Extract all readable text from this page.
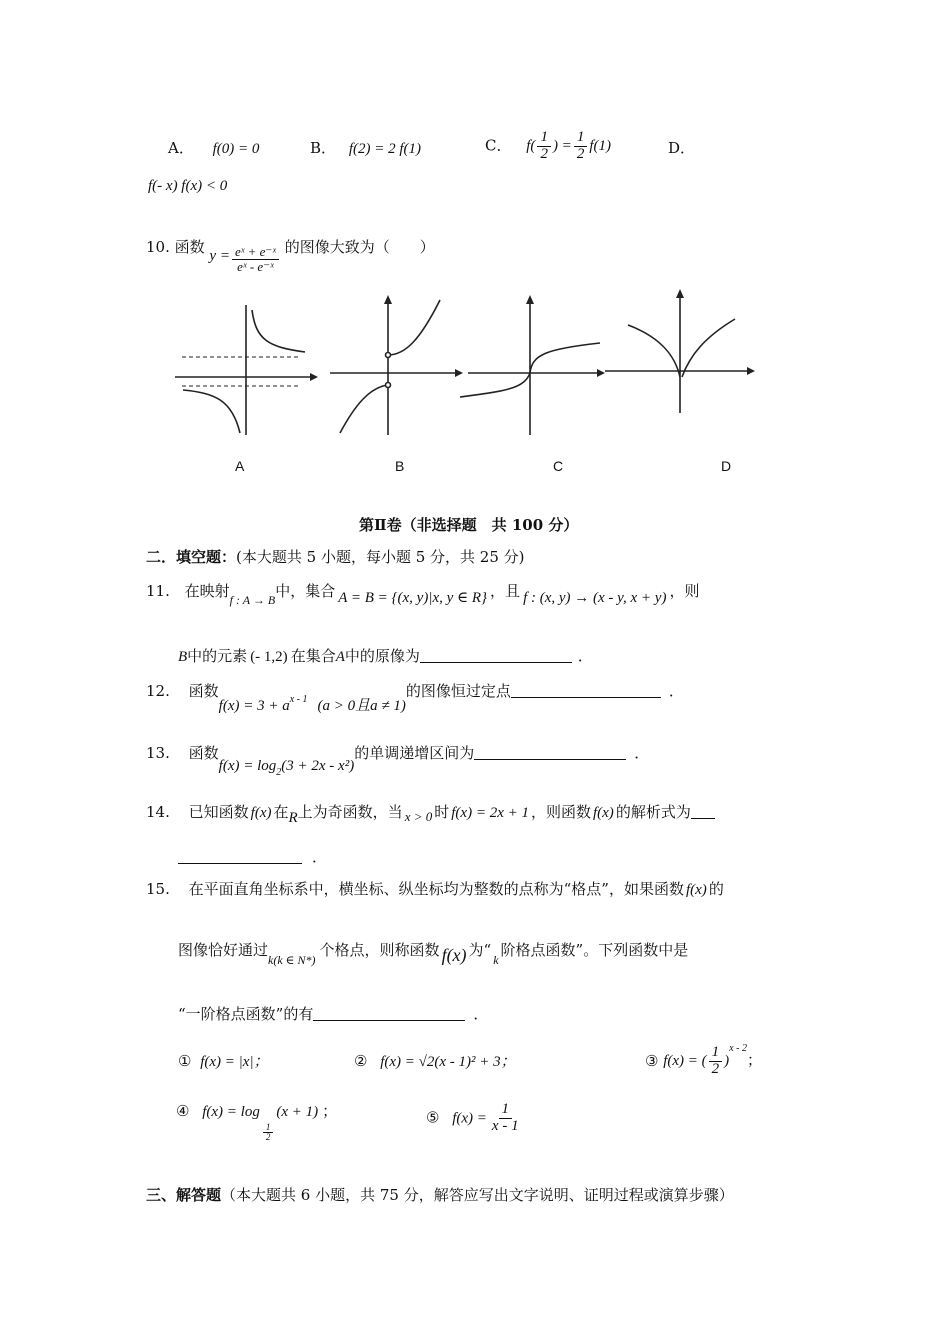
A． f(0) = 0	B． f(2) = 2 f(1)	C． $f( \frac{1}{2}$ ) = $\frac{1}{2} f(1)$	D．
f(- x) f(x) < 0
10. 函数 $y = \frac{\text{eˣ + e⁻ˣ}}{\text{eˣ - e⁻ˣ}}$ 的图像大致为（　　）
A	B	C	D
第Ⅱ卷（非选择题　共 100 分）
二．填空题：(本大题共 5 小题，每小题 5 分，共 25 分)
11. 在映射$_{f : A \to B}$中，集合 A = B = {(x, y)|x, y ∈ R} ，且 f : (x, y) → (x - y, x + y) ，则
B中的元素 (- 1,2) 在集合A中的原像为	．
12. 函数$f(x) = 3 + a^{x - 1}$ (a > 0且a ≠ 1)的图像恒过定点	．
13. 函数$f(x) = \log_2(3 + 2x - x^2)$的单调递增区间为	．
14. 已知函数 f(x) 在R上为奇函数，当 x > 0 时 f(x) = 2x + 1 ，则函数 f(x) 的解析式为
．
15. 在平面直角坐标系中，横坐标、纵坐标均为整数的点称为“格点”，如果函数 f(x) 的
图像恰好通过$_{k(k \in N*)}$个格点，则称函数 f(x) 为“$_k$阶格点函数”。下列函数中是
“一阶格点函数”的有	．
① f(x) = |x|；	② f(x) = √2(x - 1)² + 3；	③ f(x) = ( $\frac{1}{2} )^{x - 2}$；
④ f(x) = log
$\frac{1}{2}$
(x + 1) ；	⑤ $f(x) = \frac{1}{x - 1}$
三、解答题（本大题共 6 小题，共 75 分，解答应写出文字说明、证明过程或演算步骤）
